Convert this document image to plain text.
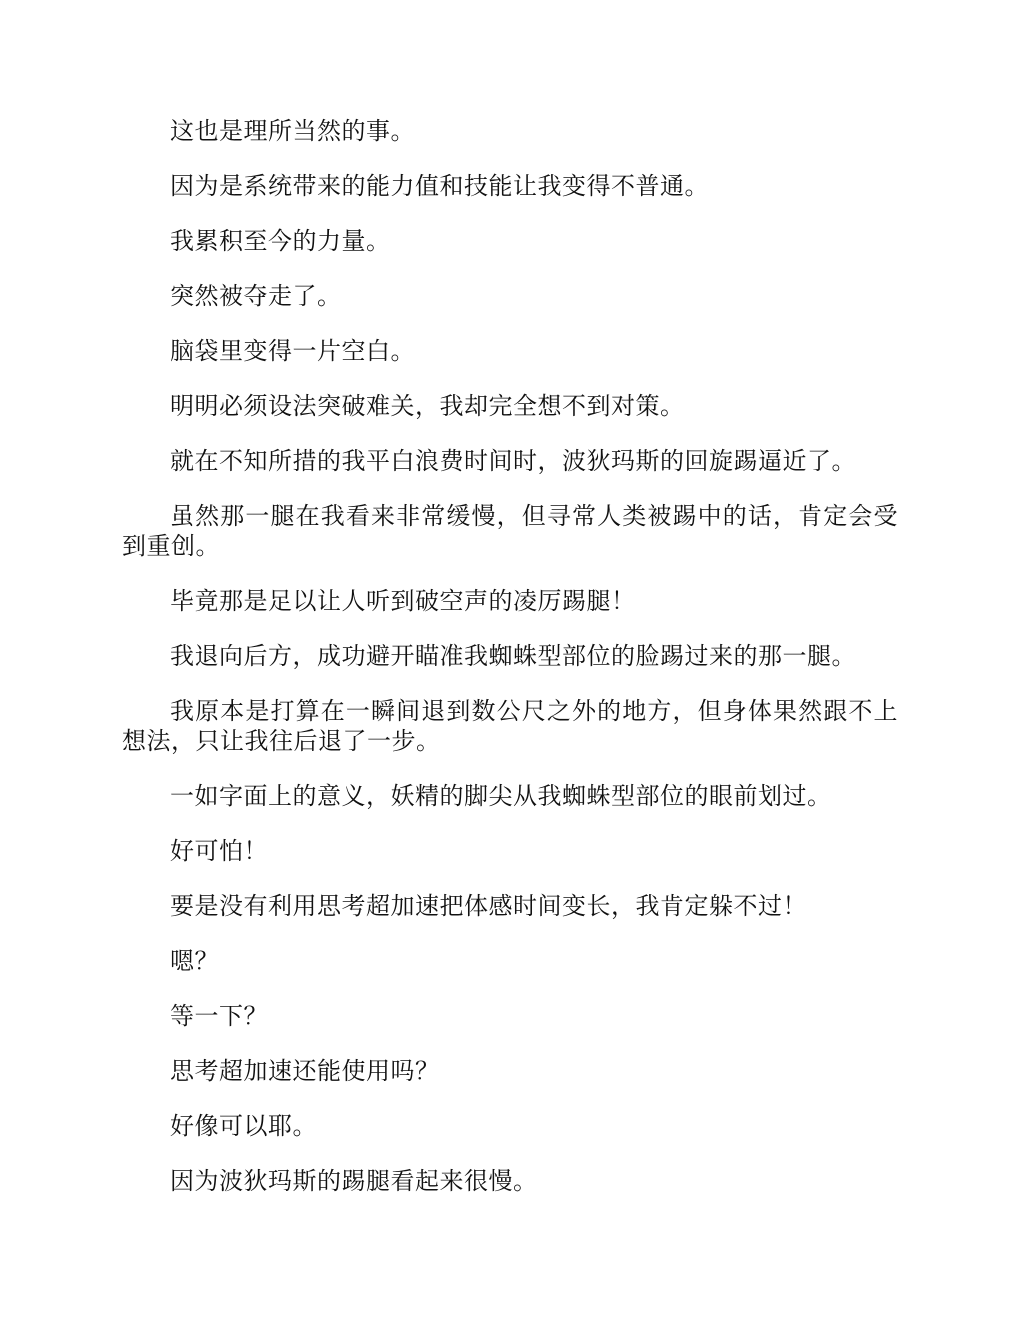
这也是理所当然的事。

因为是系统带来的能力值和技能让我变得不普通。

我累积至今的力量。

突然被夺走了。

脑袋里变得一片空白。

明明必须设法突破难关，我却完全想不到对策。

就在不知所措的我平白浪费时间时，波狄玛斯的回旋踢逼近了。

虽然那一腿在我看来非常缓慢，但寻常人类被踢中的话，肯定会受到重创。

毕竟那是足以让人听到破空声的凌厉踢腿！

我退向后方，成功避开瞄准我蜘蛛型部位的脸踢过来的那一腿。

我原本是打算在一瞬间退到数公尺之外的地方，但身体果然跟不上想法，只让我往后退了一步。

一如字面上的意义，妖精的脚尖从我蜘蛛型部位的眼前划过。

好可怕！

要是没有利用思考超加速把体感时间变长，我肯定躲不过！

嗯？

等一下？

思考超加速还能使用吗？

好像可以耶。

因为波狄玛斯的踢腿看起来很慢。
